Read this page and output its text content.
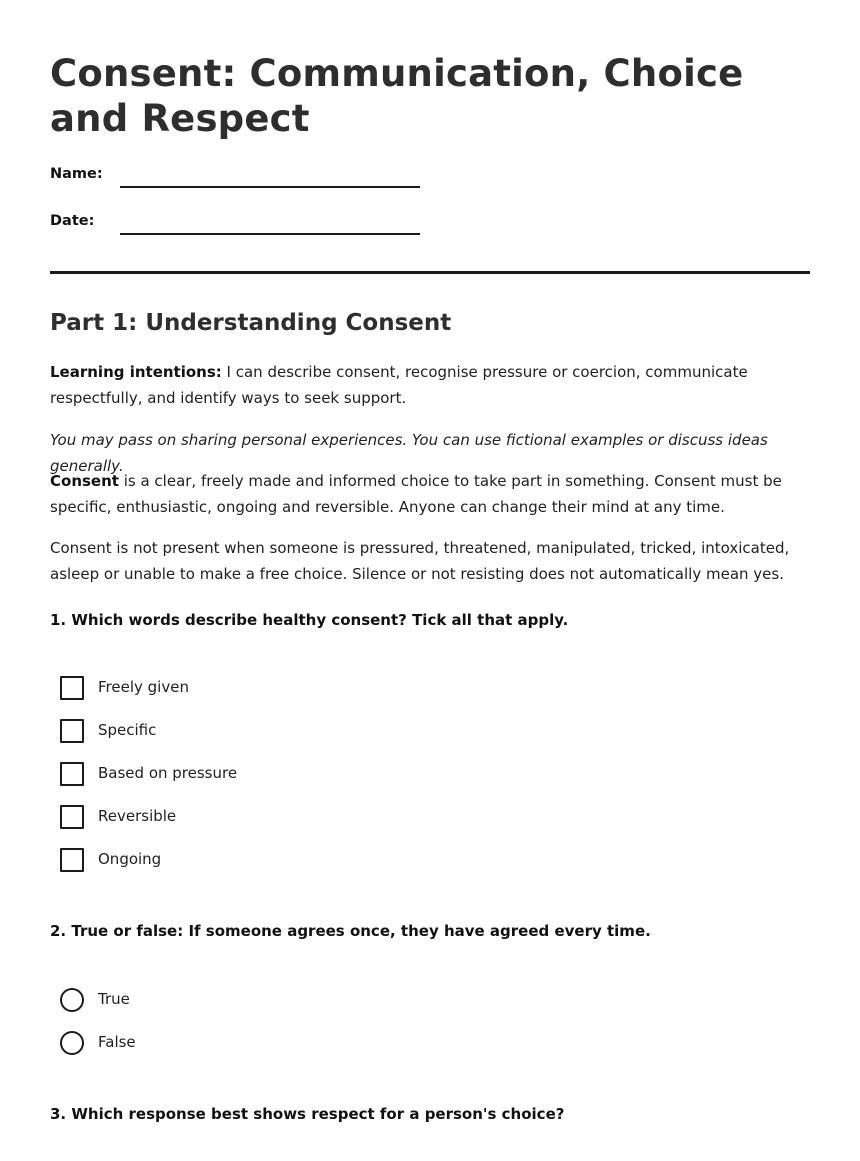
Consent: Communication, Choice and Respect
Name:
Date:
Part 1: Understanding Consent

Learning intentions: I can describe consent, recognise pressure or coercion, communicate respectfully, and identify ways to seek support.

You may pass on sharing personal experiences. You can use fictional examples or discuss ideas generally.

Consent is a clear, freely made and informed choice to take part in something. Consent must be specific, enthusiastic, ongoing and reversible. Anyone can change their mind at any time.

Consent is not present when someone is pressured, threatened, manipulated, tricked, intoxicated, asleep or unable to make a free choice. Silence or not resisting does not automatically mean yes.

1. Which words describe healthy consent? Tick all that apply.

Freely given
Specific
Based on pressure
Reversible
Ongoing

2. True or false: If someone agrees once, they have agreed every time.

True
False

3. Which response best shows respect for a person's choice?
